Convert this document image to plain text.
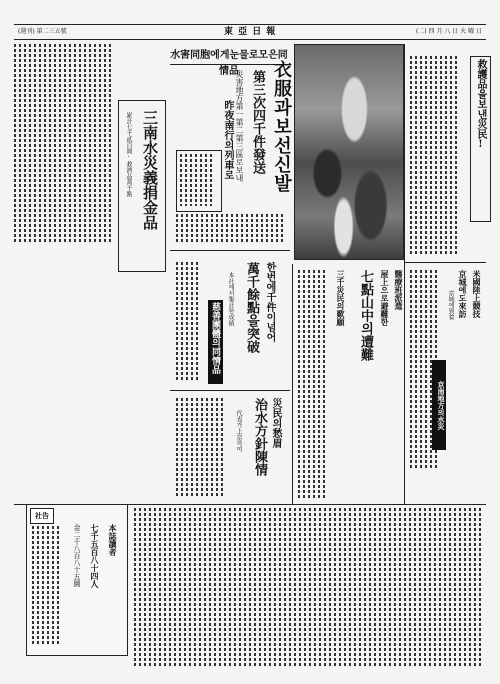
(週刊) 第二三五號	東 亞 日 報	(二) 四 月 八 日 火 曜 日
水害同胞에게눈물로모은同情品	衣服과보선신발
第三次四千件發送
災害地方第一第二第三區로보내
昨夜南行의列車로
三南水災義捐金品
累計七千貳百圓·救濟品萬千點
한번에千件이넘어
萬千餘點을突破
本社에서集計한成績
慈善團體의同情品
災民의愁眉
治水方針陳情
代表가上京하여
屋上으로避難한
七點山中의遭難
三千災民의歎願	醫療班派遣
救護品을보낸災民!
米國陸上競技
京城에도來訪
京城에到着
京南地方의水災
社告
本誌讀者
七千五百八十四人
金二千八百八十五圓
